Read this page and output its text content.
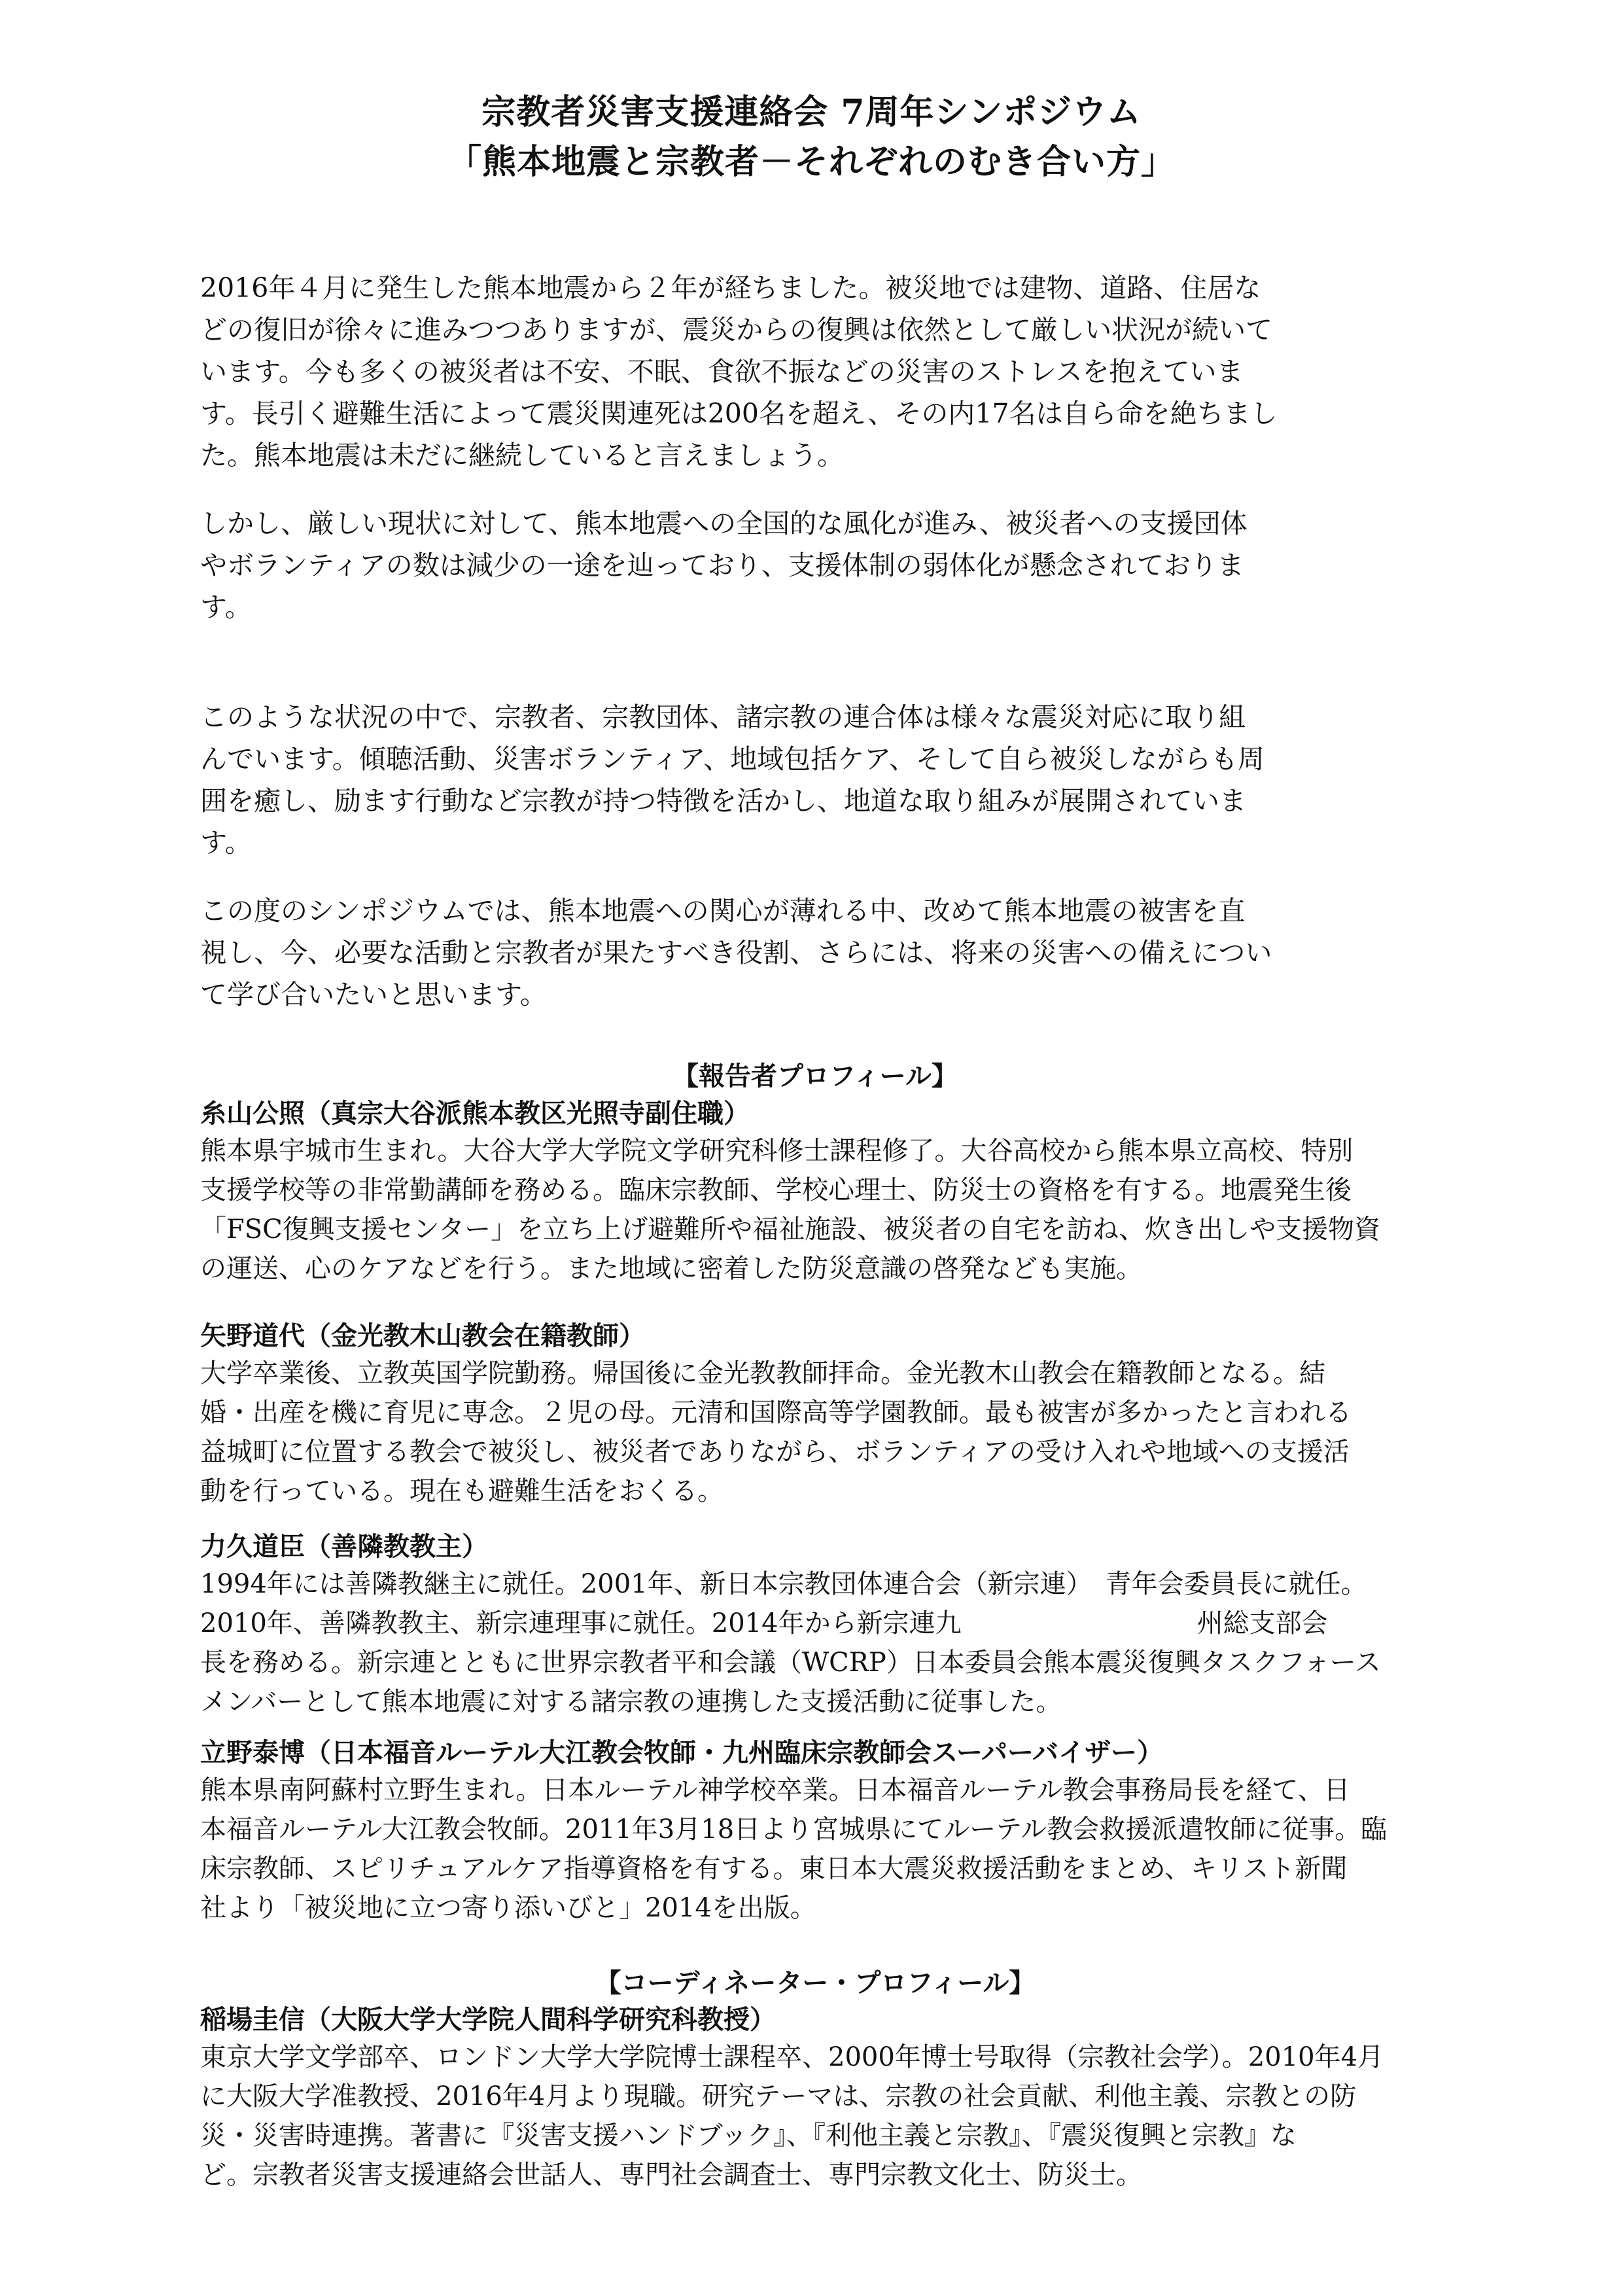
宗教者災害支援連絡会 7周年シンポジウム
「熊本地震と宗教者－それぞれのむき合い方」

2016年４月に発生した熊本地震から２年が経ちました。被災地では建物、道路、住居な
どの復旧が徐々に進みつつありますが、震災からの復興は依然として厳しい状況が続いて
います。今も多くの被災者は不安、不眠、食欲不振などの災害のストレスを抱えていま
す。長引く避難生活によって震災関連死は200名を超え、その内17名は自ら命を絶ちまし
た。熊本地震は未だに継続していると言えましょう。

しかし、厳しい現状に対して、熊本地震への全国的な風化が進み、被災者への支援団体
やボランティアの数は減少の一途を辿っており、支援体制の弱体化が懸念されておりま
す。

このような状況の中で、宗教者、宗教団体、諸宗教の連合体は様々な震災対応に取り組
んでいます。傾聴活動、災害ボランティア、地域包括ケア、そして自ら被災しながらも周
囲を癒し、励ます行動など宗教が持つ特徴を活かし、地道な取り組みが展開されていま
す。

この度のシンポジウムでは、熊本地震への関心が薄れる中、改めて熊本地震の被害を直
視し、今、必要な活動と宗教者が果たすべき役割、さらには、将来の災害への備えについ
て学び合いたいと思います。

【報告者プロフィール】

糸山公照（真宗大谷派熊本教区光照寺副住職）

熊本県宇城市生まれ。大谷大学大学院文学研究科修士課程修了。大谷高校から熊本県立高校、特別
支援学校等の非常勤講師を務める。臨床宗教師、学校心理士、防災士の資格を有する。地震発生後
「FSC復興支援センター」を立ち上げ避難所や福祉施設、被災者の自宅を訪ね、炊き出しや支援物資
の運送、心のケアなどを行う。また地域に密着した防災意識の啓発なども実施。

矢野道代（金光教木山教会在籍教師）

大学卒業後、立教英国学院勤務。帰国後に金光教教師拝命。金光教木山教会在籍教師となる。結
婚・出産を機に育児に専念。２児の母。元清和国際高等学園教師。最も被害が多かったと言われる
益城町に位置する教会で被災し、被災者でありながら、ボランティアの受け入れや地域への支援活
動を行っている。現在も避難生活をおくる。

力久道臣（善隣教教主）

1994年には善隣教継主に就任。2001年、新日本宗教団体連合会（新宗連）　青年会委員長に就任。
2010年、善隣教教主、新宗連理事に就任。2014年から新宗連九　　　　　　　　　州総支部会
長を務める。新宗連とともに世界宗教者平和会議（WCRP）日本委員会熊本震災復興タスクフォース
メンバーとして熊本地震に対する諸宗教の連携した支援活動に従事した。

立野泰博（日本福音ルーテル大江教会牧師・九州臨床宗教師会スーパーバイザー）

熊本県南阿蘇村立野生まれ。日本ルーテル神学校卒業。日本福音ルーテル教会事務局長を経て、日
本福音ルーテル大江教会牧師。2011年3月18日より宮城県にてルーテル教会救援派遣牧師に従事。臨
床宗教師、スピリチュアルケア指導資格を有する。東日本大震災救援活動をまとめ、キリスト新聞
社より「被災地に立つ寄り添いびと」2014を出版。

【コーディネーター・プロフィール】

稲場圭信（大阪大学大学院人間科学研究科教授）

東京大学文学部卒、ロンドン大学大学院博士課程卒、2000年博士号取得（宗教社会学）。2010年4月
に大阪大学准教授、2016年4月より現職。研究テーマは、宗教の社会貢献、利他主義、宗教との防
災・災害時連携。著書に『災害支援ハンドブック』、『利他主義と宗教』、『震災復興と宗教』な
ど。宗教者災害支援連絡会世話人、専門社会調査士、専門宗教文化士、防災士。
